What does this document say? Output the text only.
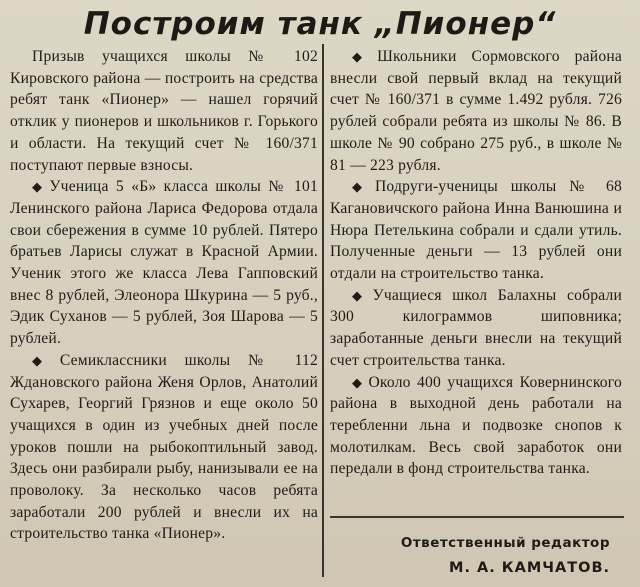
Построим танк „Пионер“

Призыв учащихся школы № 102 Кировского района — построить на средства ребят танк «Пионер» — нашел горячий отклик у пионеров и школьников г. Горького и области. На текущий счет № 160/371 поступают первые взносы.

◆ Ученица 5 «Б» класса школы № 101 Ленинского района Лариса Федорова отдала свои сбережения в сумме 10 рублей. Пятеро братьев Ларисы служат в Красной Армии. Ученик этого же класса Лева Гапповский внес 8 рублей, Элеонора Шкурина — 5 руб., Эдик Суханов — 5 рублей, Зоя Шарова — 5 рублей.

◆ Семиклассники школы № 112 Ждановского района Женя Орлов, Анатолий Сухарев, Георгий Грязнов и еще около 50 учащихся в один из учебных дней после уроков пошли на рыбокоптильный завод. Здесь они разбирали рыбу, нанизывали ее на проволоку. За несколько часов ребята заработали 200 рублей и внесли их на строительство танка «Пионер».

◆ Школьники Сормовского района внесли свой первый вклад на текущий счет № 160/371 в сумме 1.492 рубля. 726 рублей собрали ребята из школы № 86. В школе № 90 собрано 275 руб., в школе № 81 — 223 рубля.

◆ Подруги-ученицы школы № 68 Кагановичского района Инна Ванюшина и Нюра Петелькина собрали и сдали утиль. Полученные деньги — 13 рублей они отдали на строительство танка.

◆ Учащиеся школ Балахны собрали 300 килограммов шиповника; заработанные деньги внесли на текущий счет строительства танка.

◆ Около 400 учащихся Ковернинского района в выходной день работали на теребленни льна и подвозке снопов к молотилкам. Весь свой заработок они передали в фонд строительства танка.

Ответственный редактор
М. А. КАМЧАТОВ.
